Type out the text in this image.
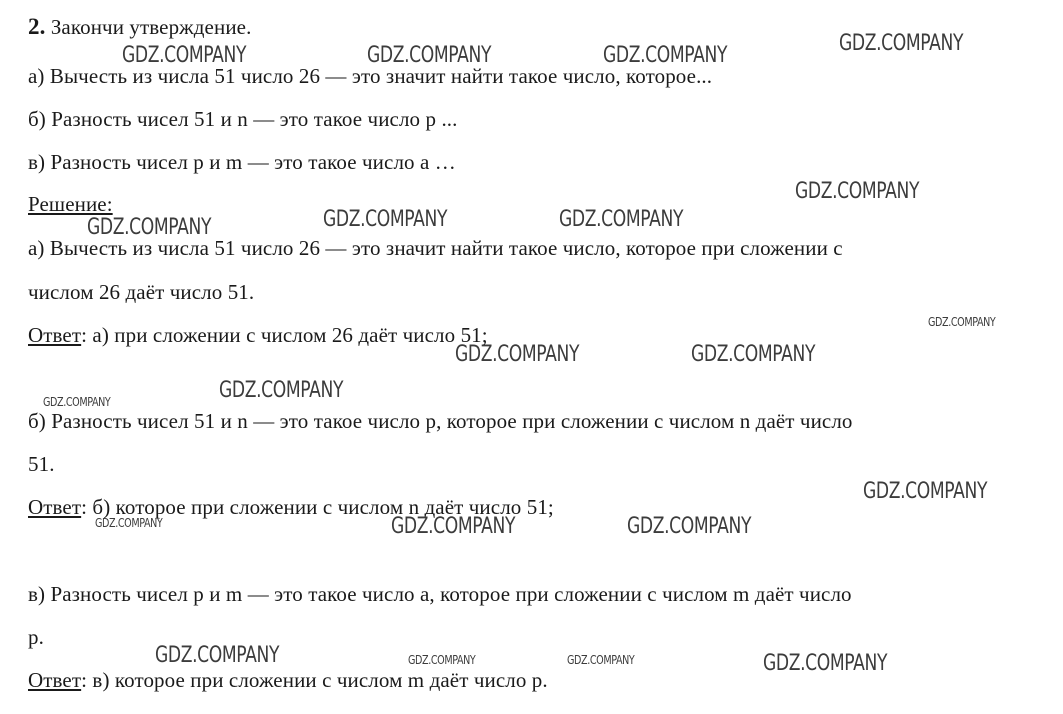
2. Закончи утверждение.
а) Вычесть из числа 51 число 26 — это значит найти такое число, которое...
б) Разность чисел 51 и n — это такое число p ...
в) Разность чисел p и m — это такое число a …
Решение:
а) Вычесть из числа 51 число 26 — это значит найти такое число, которое при сложении с
числом 26 даёт число 51.
Ответ: а) при сложении с числом 26 даёт число 51;
б) Разность чисел 51 и n — это такое число p, которое при сложении с числом n даёт число
51.
Ответ: б) которое при сложении с числом n даёт число 51;
в) Разность чисел p и m — это такое число a, которое при сложении с числом m даёт число
p.
Ответ: в) которое при сложении с числом m даёт число p.
GDZ.COMPANY	GDZ.COMPANY	GDZ.COMPANY	GDZ.COMPANY
GDZ.COMPANY
GDZ.COMPANY	GDZ.COMPANY	GDZ.COMPANY
GDZ.COMPANY
GDZ.COMPANY	GDZ.COMPANY
GDZ.COMPANY
GDZ.COMPANY
GDZ.COMPANY
GDZ.COMPANY	GDZ.COMPANY	GDZ.COMPANY
GDZ.COMPANY	GDZ.COMPANY	GDZ.COMPANY	GDZ.COMPANY
